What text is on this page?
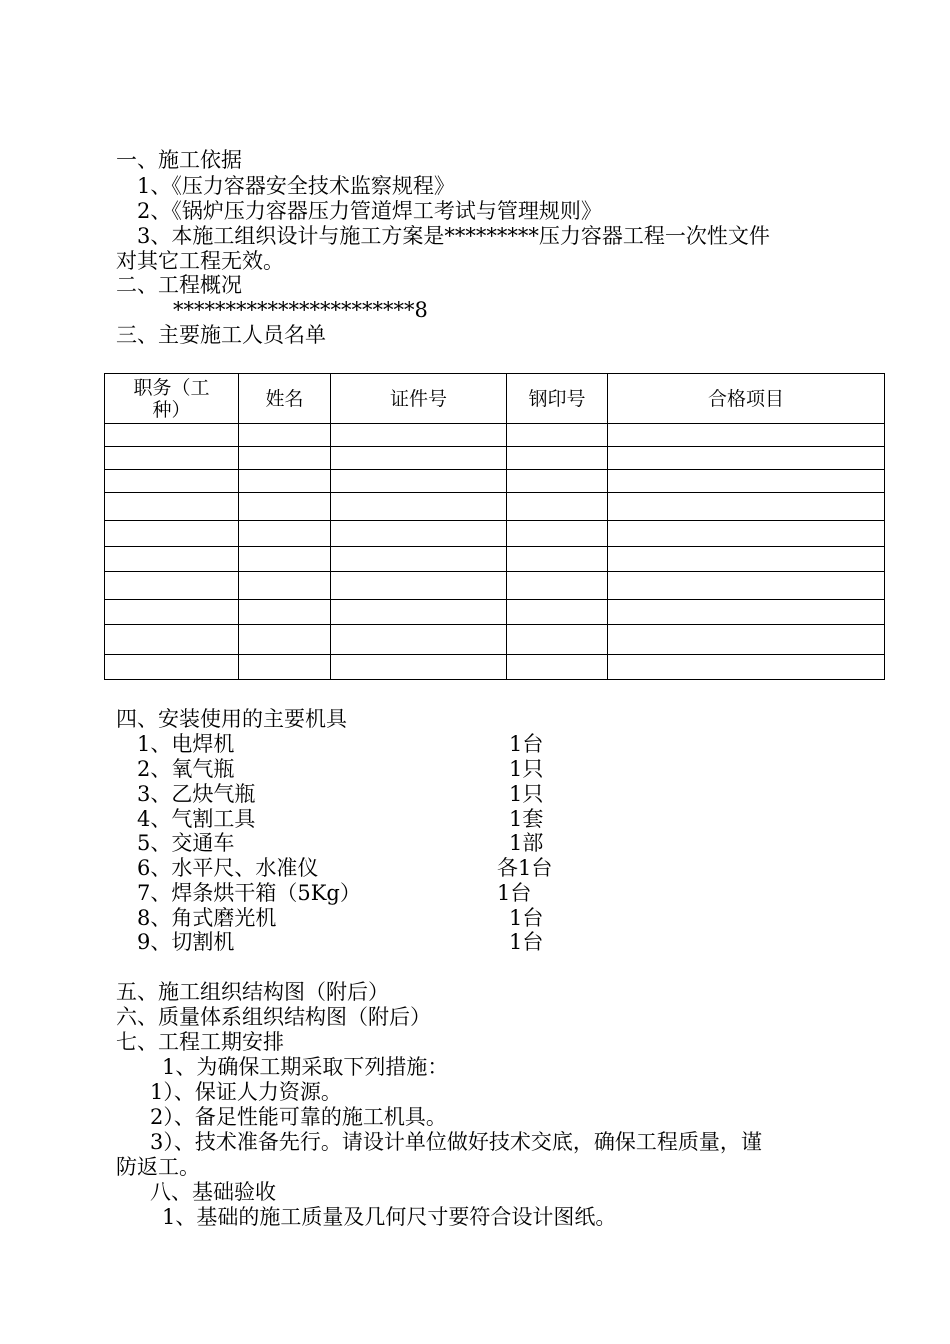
一、施工依据
1、《压力容器安全技术监察规程》
2、《锅炉压力容器压力管道焊工考试与管理规则》
3、本施工组织设计与施工方案是*********压力容器工程一次性文件
对其它工程无效。
二、工程概况
***********************8
三、主要施工人员名单
职务（工种）	姓名	证件号	钢印号	合格项目

四、安装使用的主要机具
1、电焊机	1台
2、氧气瓶	1只
3、乙炔气瓶	1只
4、气割工具	1套
5、交通车	1部
6、水平尺、水准仪	各1台
7、焊条烘干箱（5Kg）	1台
8、角式磨光机	1台
9、切割机	1台
五、施工组织结构图（附后）
六、质量体系组织结构图（附后）
七、工程工期安排
1、为确保工期采取下列措施：
1）、保证人力资源。
2）、备足性能可靠的施工机具。
3）、技术准备先行。请设计单位做好技术交底，确保工程质量，谨
防返工。
八、基础验收
1、基础的施工质量及几何尺寸要符合设计图纸。
